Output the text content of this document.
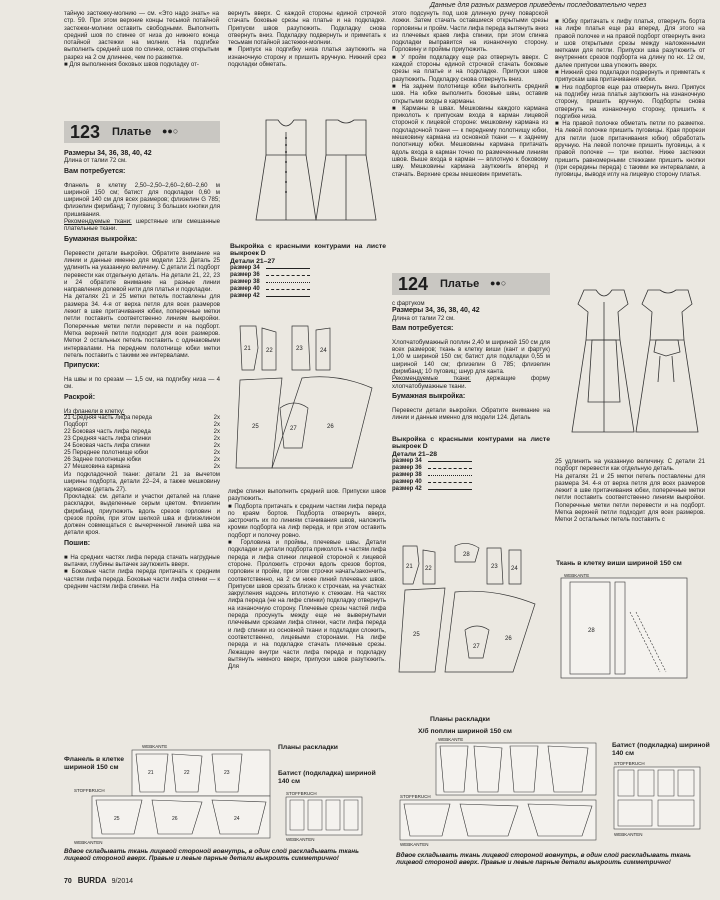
Данные для разных размеров приведены последовательно через

тайную застежку-молнию — см. «Это надо знать» на стр. 59. При этом верхние концы тесьмой потайной застежки-молнии оставить свободными. Выполнить средний шов по спинке от низа до нижнего конца потайной застежки на молнии. На подгибке выполнить средний шов по спинке, оставив открытым разрез на 2 см длиннее, чем по разметке.

■ Для выполнения боковых швов подкладку от-

123 Платье ●●○

Размеры 34, 36, 38, 40, 42

Длина от талии 72 см.

Вам потребуется:

Фланель в клетку 2,50–2,50–2,60–2,60–2,60 м шириной 150 см; батист для подкладки 0,60 м шириной 140 см для всех размеров; флизелин G 785; флизелин фирмбанд; 7 пуговиц; 3 больших кнопки для пришивания.

Рекомендуемые ткани: шерстяные или смешанные плательные ткани.

Бумажная выкройка:

Перевести детали выкройки. Обратите внимание на линии и данные именно для модели 123. Деталь 25 удлинить на указанную величину. С детали 21 подборт перевести как отдельную деталь. На детали 21, 22, 23 и 24 обратите внимание на разные линии направления долевой нити для платья и подкладки.

На деталях 21 и 25 метки петель поставлены для размера 34. 4-я от верха петля для всех размеров лежит в шве притачивания юбки, поперечные метки петли поставить соответственно линиям выкройки. Поперечные метки петли перевести и на подборт. Метка верхней петли подходит для всех размеров. Метки 2 остальных петель поставить с одинаковыми интервалами. На переднем полотнище юбки метки петель поставить с такими же интервалами.

Припуски:

На швы и по срезам — 1,5 см, на подгибку низа — 4 см.

Раскрой:

Из фланели в клетку:

21 Средняя часть лифа переда	2x
Подборт	2x
22 Боковая часть лифа переда	2x
23 Средняя часть лифа спинки	2x
24 Боковая часть лифа спинки	2x
25 Переднее полотнище юбки	2x
26 Заднее полотнище юбки	2x
27 Мешковина кармана	2x

Из подкладочной ткани: детали 21 за вычетом ширины подборта, детали 22–24, а также мешковину карманов (деталь 27).

Прокладка: см. детали и участки деталей на плане раскладки, выделенные серым цветом. Флизелин фирмбанд приутюжить вдоль срезов горловин и срезов пройм, при этом шелкой шва и флизелином должен совмещаться с вычерченной линией шва на детали кроя.

Пошив:

■ На средних частях лифа переда стачать нагрудные вытачки, глубины вытачек заутюжить вверх.

■ Боковые части лифа переда притачать к средним частям лифа переда. Боковые части лифа спинки — к средним частям лифа спинки. На

вернуть вверх. С каждой стороны единой строчкой стачать боковые срезы на платье и на подкладке. Припуски швов разутюжить. Подкладку снова отвернуть вниз. Подкладку подвернуть и приметать к тесьмам потайной застежки-молнии.

■ Припуск на подгибку низа платья заутюжить на изнаночную сторону и пришить вручную. Нижний срез подкладки обметать.

Выкройка с красными контурами на листе выкроек D

Детали 21–27

размер 34
размер 36
размер 38
размер 40
размер 42
21	22	23	24
25	26
27

лифе спинки выполнить средний шов. Припуски швов разутюжить.

■ Подборта притачать к средним частям лифа переда по краям бортов. Подборта отвернуть вверх, застрочить их по линиям стачивания швов, наложить кромки подборта на лиф переда, и при этом оставить подборт и полочку ровно.

■ Горловина и проймы, плечевые швы. Детали подкладки и детали подборта приколоть к частям лифа переда и лифа спинки лицевой стороной к лицевой стороне. Проложить строчки вдоль срезов бортов, горловин и пройм, при этом строчки начать/закончить, соответственно, на 2 см ниже линий плечевых швов. Припуски швов срезать близко к строчкам, на участках закругления надсечь вплотную к стежкам. На частях лифа переда (не на лифе спинки) подкладку отвернуть на изнаночную сторону. Плечевые срезы частей лифа переда просунуть между еще не вывернутыми плечевыми срезами лифа спинки, части лифа переда и лиф спинки из основной ткани и подкладки сложить, соответственно, лицевыми сторонами. На лифе переда и на подкладке стачать плечевые срезы. Лежащие внутри части лифа переда и подкладку вытянуть немного вверх, припуски швов разутюжить. Для

этого подсунуть под шов длинную ручку поварской ложки. Затем стачать оставшиеся открытыми срезы горловины и пройм. Части лифа переда вытянуть вниз из плечевых краев лифа спинки, при этом спинка подкладки выправится на изнаночную сторону. Горловину и проймы приутюжить.

■ У пройм подкладку еще раз отвернуть вверх. С каждой стороны единой строчкой стачать боковые срезы на платье и на подкладке. Припуски швов разутюжить. Подкладку снова отвернуть вниз.

■ На заднем полотнище юбки выполнить средний шов. На юбке выполнить боковые швы, оставив открытыми входы в карманы.

■ Карманы в швах. Мешковины каждого кармана приколоть к припускам входа в карман лицевой стороной к лицевой стороне: мешковину кармана из подкладочной ткани — к переднему полотнищу юбки, мешковину кармана из основной ткани — к заднему полотнищу юбки. Мешковины кармана притачать вдоль входа в карман точно по размеченным линиям швов. Выше входа в карман — вплотную к боковому шву. Мешковины кармана заутюжить вперед и стачать. Верхние срезы мешковин приметать.

■ Юбку притачать к лифу платья, отвернуть борта на лифе платья еще раз вперед. Для этого на правой полочке и на правой подборт отвернуть вниз и шов открытыми срезы между наложенными метками для петли. Припуски шва разутюжить от внутренних срезов подборта на длину по нх. 12 см, далее припуски шва утюжить вверх.

■ Нижний срез подкладки подвернуть и приметать к припускам шва притачивания юбки.

■ Низ подбортов еще раз отвернуть вниз. Припуск на подгибку низа платья заутюжить на изнаночную сторону, пришить вручную. Подборты снова отвернуть на изнаночную сторону, пришить к подгибке низа.

■ На правой полочке обметать петли по разметке. На левой полочке пришить пуговицы. Края прорези для петли (шов притачивания юбки) обработать вручную. На левой полочке пришить пуговицы, а к правой полочке — три кнопки. Ниже застежки пришить равномерными стежками пришить кнопки (при середины переда) с такими же интервалами, а пуговицы, выводя иглу на лицевую сторону платья.

124 Платье ●●○

с фартуком

Размеры 34, 36, 38, 40, 42

Длина от талии 72 см.

Вам потребуется:

Хлопчатобумажный поплин 2,40 м шириной 150 см для всех размеров; ткань в клетку виши (кант и фартук) 1,00 м шириной 150 см; батист для подкладки 0,55 м шириной 140 см; флизелин G 785; флизелин фирмбанд; 10 пуговиц; шнур для канта.

Рекомендуемые ткани: держащие форму хлопчатобумажные ткани.

Бумажная выкройка:

Перевести детали выкройки. Обратите внимание на линии и данные именно для модели 124. Деталь

Выкройка с красными контурами на листе выкроек D

Детали 21–28

размер 34
размер 36
размер 38
размер 40
размер 42
21 22
28
23 24
25
26
27

25 удлинить на указанную величину. С детали 21 подборт перевести как отдельную деталь.

На деталях 21 и 25 метки петель поставлены для размера 34. 4-я от верха петля для всех размеров лежит в шве притачивания юбки, поперечные метки петли поставить соответственно линиям выкройки. Поперечные метки петли перевести и на подборт. Метка верхней петли подходит для всех размеров. Метки 2 остальных петель поставить с

Ткань в клетку виши шириной 150 см
WEBKANTE
28
Планы раскладки
Фланель в клетке шириной 150 см
WEBKANTE
STOFFBRUCH
WEBKANTEN
21	22	23
25	26	24
Батист (подкладка) шириной 140 см
STOFFBRUCH
WEBKANTEN
Планы раскладки
Х/б поплин шириной 150 см
WEBKANTE
STOFFBRUCH
WEBKANTEN
Батист (подкладка) шириной 140 см
STOFFBRUCH
WEBKANTEN
Вдвое складывать ткань лицевой стороной вовнутрь, в один слой раскладывать ткань лицевой стороной вверх. Правые и левые парные детали выкроить симметрично!	Вдвое складывать ткань лицевой стороной вовнутрь, в один слой раскладывать ткань лицевой стороной вверх. Правые и левые парные детали выкроить симметрично!
70 BURDA 9/2014
